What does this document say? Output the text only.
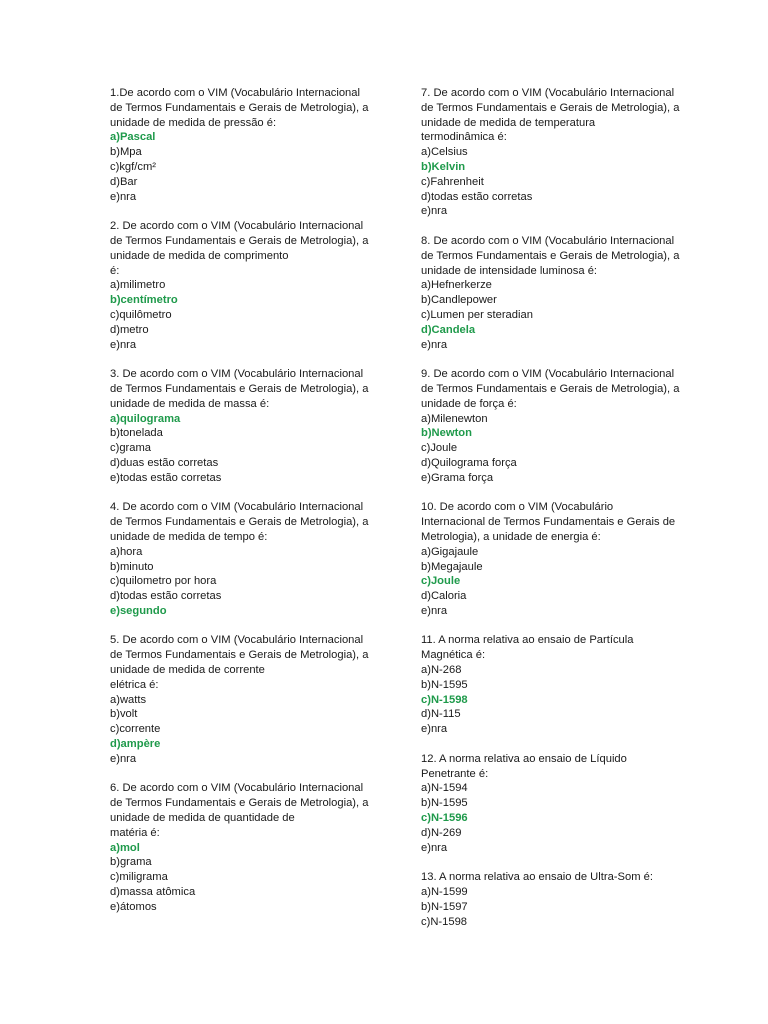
1.De acordo com o VIM (Vocabulário Internacional
de Termos Fundamentais e Gerais de Metrologia), a
unidade de medida de pressão é:
a)Pascal
b)Mpa
c)kgf/cm²
d)Bar
e)nra
2. De acordo com o VIM (Vocabulário Internacional
de Termos Fundamentais e Gerais de Metrologia), a
unidade de medida de comprimento
é:
a)milimetro
b)centímetro
c)quilômetro
d)metro
e)nra
3. De acordo com o VIM (Vocabulário Internacional
de Termos Fundamentais e Gerais de Metrologia), a
unidade de medida de massa é:
a)quilograma
b)tonelada
c)grama
d)duas estão corretas
e)todas estão corretas
4. De acordo com o VIM (Vocabulário Internacional
de Termos Fundamentais e Gerais de Metrologia), a
unidade de medida de tempo é:
a)hora
b)minuto
c)quilometro por hora
d)todas estão corretas
e)segundo
5. De acordo com o VIM (Vocabulário Internacional
de Termos Fundamentais e Gerais de Metrologia), a
unidade de medida de corrente
elétrica é:
a)watts
b)volt
c)corrente
d)ampère
e)nra
6. De acordo com o VIM (Vocabulário Internacional
de Termos Fundamentais e Gerais de Metrologia), a
unidade de medida de quantidade de
matéria é:
a)mol
b)grama
c)miligrama
d)massa atômica
e)átomos
7. De acordo com o VIM (Vocabulário Internacional
de Termos Fundamentais e Gerais de Metrologia), a
unidade de medida de temperatura
termodinâmica é:
a)Celsius
b)Kelvin
c)Fahrenheit
d)todas estão corretas
e)nra
8. De acordo com o VIM (Vocabulário Internacional
de Termos Fundamentais e Gerais de Metrologia), a
unidade de intensidade luminosa é:
a)Hefnerkerze
b)Candlepower
c)Lumen per steradian
d)Candela
e)nra
9. De acordo com o VIM (Vocabulário Internacional
de Termos Fundamentais e Gerais de Metrologia), a
unidade de força é:
a)Milenewton
b)Newton
c)Joule
d)Quilograma força
e)Grama força
10. De acordo com o VIM (Vocabulário
Internacional de Termos Fundamentais e Gerais de
Metrologia), a unidade de energia é:
a)Gigajaule
b)Megajaule
c)Joule
d)Caloria
e)nra
11. A norma relativa ao ensaio de Partícula
Magnética é:
a)N-268
b)N-1595
c)N-1598
d)N-115
e)nra
12. A norma relativa ao ensaio de Líquido
Penetrante é:
a)N-1594
b)N-1595
c)N-1596
d)N-269
e)nra
13. A norma relativa ao ensaio de Ultra-Som é:
a)N-1599
b)N-1597
c)N-1598
